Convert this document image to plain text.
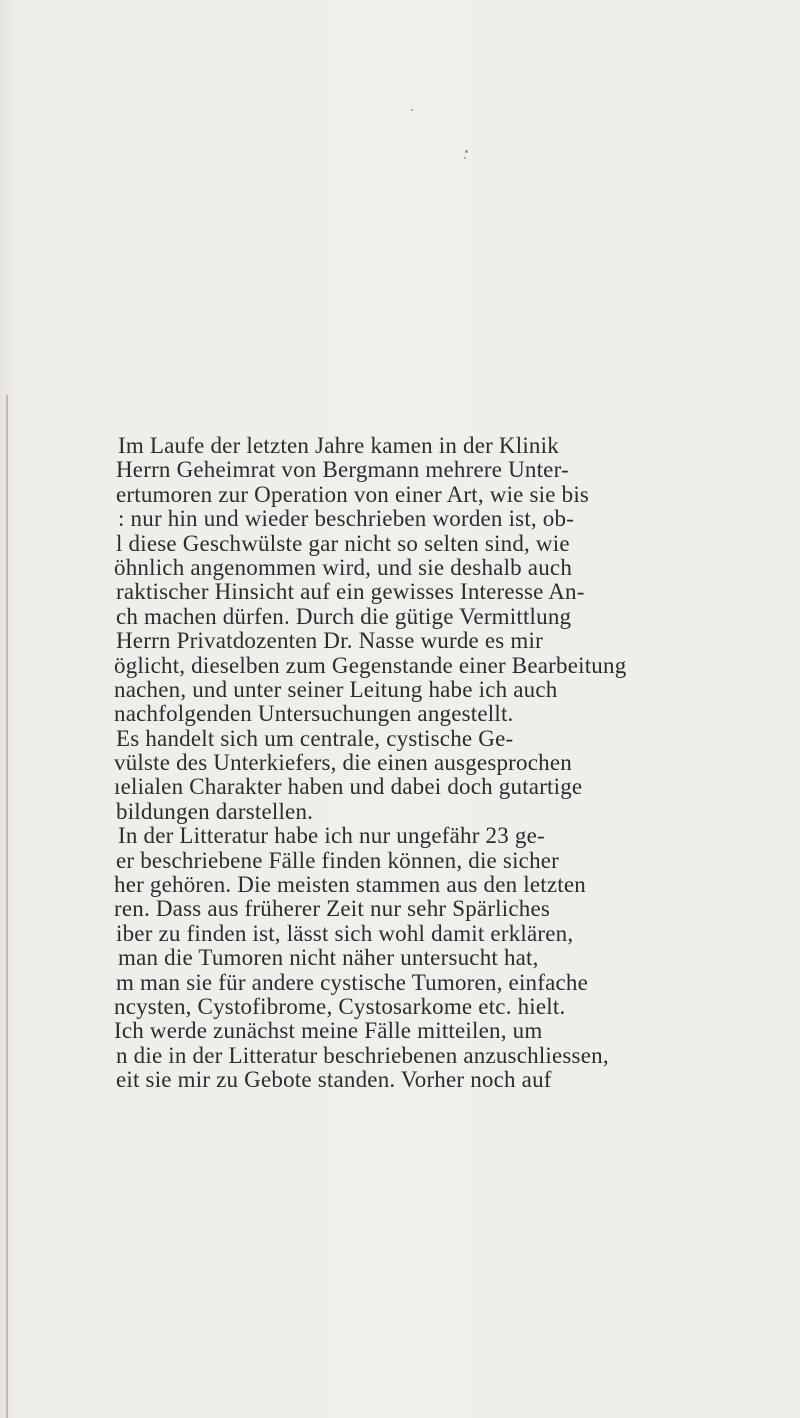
Im Laufe der letzten Jahre kamen in der Klinik
Herrn Geheimrat von Bergmann mehrere Unter-
ertumoren zur Operation von einer Art, wie sie bis
: nur hin und wieder beschrieben worden ist, ob-
l diese Geschwülste gar nicht so selten sind, wie
öhnlich angenommen wird, und sie deshalb auch
raktischer Hinsicht auf ein gewisses Interesse An-
ch machen dürfen. Durch die gütige Vermittlung
Herrn Privatdozenten Dr. Nasse wurde es mir
öglicht, dieselben zum Gegenstande einer Bearbeitung
nachen, und unter seiner Leitung habe ich auch
nachfolgenden Untersuchungen angestellt.
Es handelt sich um centrale, cystische Ge-
vülste des Unterkiefers, die einen ausgesprochen
ıelialen Charakter haben und dabei doch gutartige
bildungen darstellen.
In der Litteratur habe ich nur ungefähr 23 ge-
er beschriebene Fälle finden können, die sicher
her gehören. Die meisten stammen aus den letzten
ren. Dass aus früherer Zeit nur sehr Spärliches
iber zu finden ist, lässt sich wohl damit erklären,
man die Tumoren nicht näher untersucht hat,
m man sie für andere cystische Tumoren, einfache
ncysten, Cystofibrome, Cystosarkome etc. hielt.
Ich werde zunächst meine Fälle mitteilen, um
n die in der Litteratur beschriebenen anzuschliessen,
eit sie mir zu Gebote standen. Vorher noch auf
